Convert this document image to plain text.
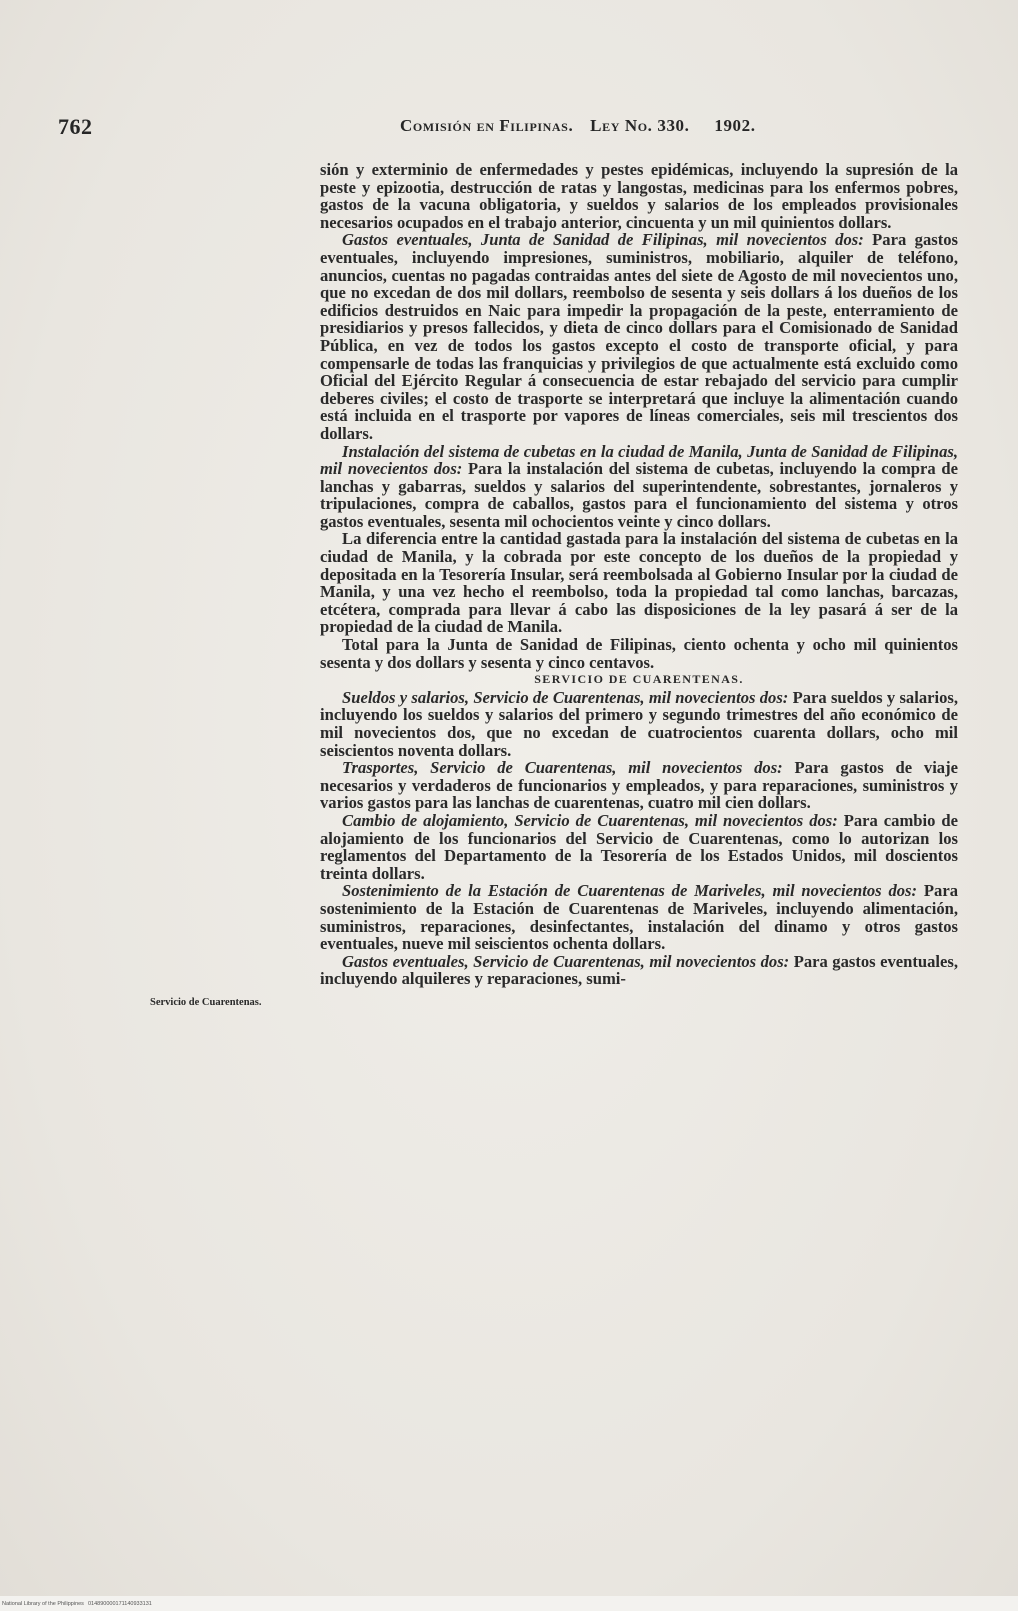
762	Comisión en Filipinas. Ley No. 330. 1902.

sión y exterminio de enfermedades y pestes epidémicas, incluyendo la supresión de la peste y epizootia, destrucción de ratas y langostas, medicinas para los enfermos pobres, gastos de la vacuna obligatoria, y sueldos y salarios de los empleados provisionales necesarios ocupados en el trabajo anterior, cincuenta y un mil quinientos dollars.

Gastos eventuales, Junta de Sanidad de Filipinas, mil novecientos dos: Para gastos eventuales, incluyendo impresiones, suministros, mobiliario, alquiler de teléfono, anuncios, cuentas no pagadas contraidas antes del siete de Agosto de mil novecientos uno, que no excedan de dos mil dollars, reembolso de sesenta y seis dollars á los dueños de los edificios destruidos en Naic para impedir la propagación de la peste, enterramiento de presidiarios y presos fallecidos, y dieta de cinco dollars para el Comisionado de Sanidad Pública, en vez de todos los gastos excepto el costo de transporte oficial, y para compensarle de todas las franquicias y privilegios de que actualmente está excluido como Oficial del Ejército Regular á consecuencia de estar rebajado del servicio para cumplir deberes civiles; el costo de trasporte se interpretará que incluye la alimentación cuando está incluida en el trasporte por vapores de líneas comerciales, seis mil trescientos dos dollars.

Instalación del sistema de cubetas en la ciudad de Manila, Junta de Sanidad de Filipinas, mil novecientos dos: Para la instalación del sistema de cubetas, incluyendo la compra de lanchas y gabarras, sueldos y salarios del superintendente, sobrestantes, jornaleros y tripulaciones, compra de caballos, gastos para el funcionamiento del sistema y otros gastos eventuales, sesenta mil ochocientos veinte y cinco dollars.

La diferencia entre la cantidad gastada para la instalación del sistema de cubetas en la ciudad de Manila, y la cobrada por este concepto de los dueños de la propiedad y depositada en la Tesorería Insular, será reembolsada al Gobierno Insular por la ciudad de Manila, y una vez hecho el reembolso, toda la propiedad tal como lanchas, barcazas, etcétera, comprada para llevar á cabo las disposiciones de la ley pasará á ser de la propiedad de la ciudad de Manila.

Total para la Junta de Sanidad de Filipinas, ciento ochenta y ocho mil quinientos sesenta y dos dollars y sesenta y cinco centavos.

SERVICIO DE CUARENTENAS.

Sueldos y salarios, Servicio de Cuarentenas, mil novecientos dos: Para sueldos y salarios, incluyendo los sueldos y salarios del primero y segundo trimestres del año económico de mil novecientos dos, que no excedan de cuatrocientos cuarenta dollars, ocho mil seiscientos noventa dollars.

Trasportes, Servicio de Cuarentenas, mil novecientos dos: Para gastos de viaje necesarios y verdaderos de funcionarios y empleados, y para reparaciones, suministros y varios gastos para las lanchas de cuarentenas, cuatro mil cien dollars.

Cambio de alojamiento, Servicio de Cuarentenas, mil novecientos dos: Para cambio de alojamiento de los funcionarios del Servicio de Cuarentenas, como lo autorizan los reglamentos del Departamento de la Tesorería de los Estados Unidos, mil doscientos treinta dollars.

Sostenimiento de la Estación de Cuarentenas de Mariveles, mil novecientos dos: Para sostenimiento de la Estación de Cuarentenas de Mariveles, incluyendo alimentación, suministros, reparaciones, desinfectantes, instalación del dinamo y otros gastos eventuales, nueve mil seiscientos ochenta dollars.

Gastos eventuales, Servicio de Cuarentenas, mil novecientos dos: Para gastos eventuales, incluyendo alquileres y reparaciones, sumi-

Servicio de Cuarentenas.
National Library of the Philippines 014890000171140933131
